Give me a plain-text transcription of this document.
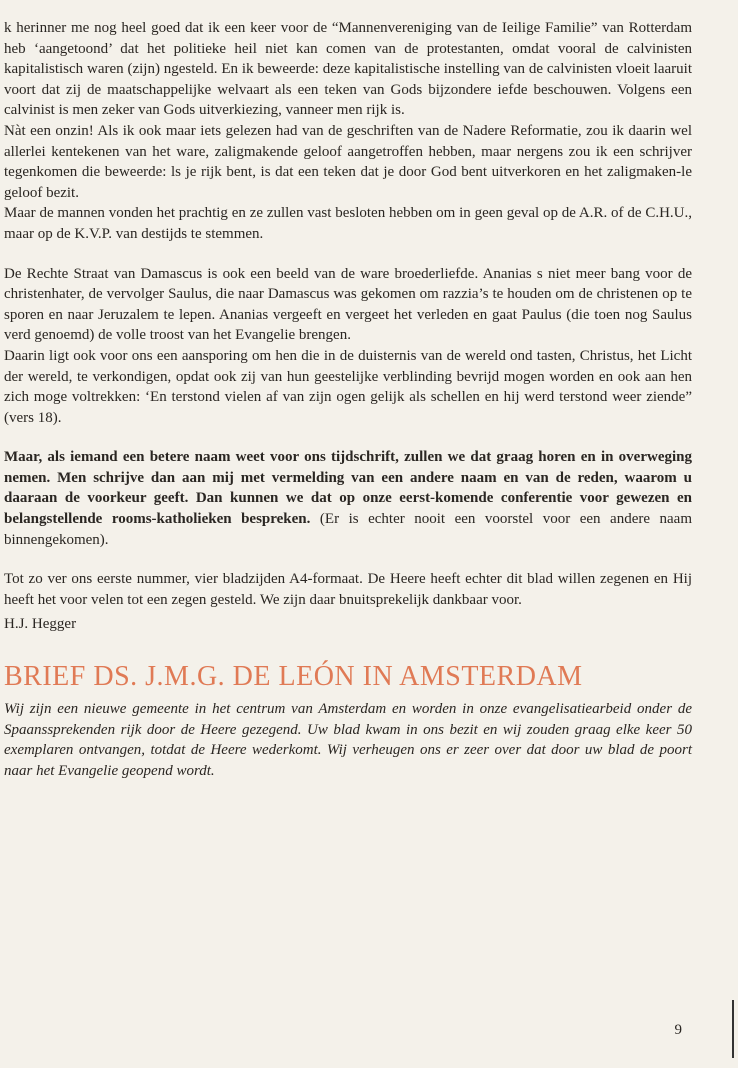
k herinner me nog heel goed dat ik een keer voor de “Mannenvereniging van de Ieilige Familie” van Rotterdam heb ‘aangetoond’ dat het politieke heil niet kan comen van de protestanten, omdat vooral de calvinisten kapitalistisch waren (zijn) ngesteld. En ik beweerde: deze kapitalistische instelling van de calvinisten vloeit laaruit voort dat zij de maatschappelijke welvaart als een teken van Gods bijzondere iefde beschouwen. Volgens een calvinist is men zeker van Gods uitverkiezing, vanneer men rijk is.

Nàt een onzin! Als ik ook maar iets gelezen had van de geschriften van de Nadere Reformatie, zou ik daarin wel allerlei kentekenen van het ware, zaligmakende geloof aangetroffen hebben, maar nergens zou ik een schrijver tegenkomen die beweerde: ls je rijk bent, is dat een teken dat je door God bent uitverkoren en het zaligmaken-le geloof bezit.

Maar de mannen vonden het prachtig en ze zullen vast besloten hebben om in geen geval op de A.R. of de C.H.U., maar op de K.V.P. van destijds te stemmen.

De Rechte Straat van Damascus is ook een beeld van de ware broederliefde. Ananias s niet meer bang voor de christenhater, de vervolger Saulus, die naar Damascus was gekomen om razzia’s te houden om de christenen op te sporen en naar Jeruzalem te lepen. Ananias vergeeft en vergeet het verleden en gaat Paulus (die toen nog Saulus verd genoemd) de volle troost van het Evangelie brengen.

Daarin ligt ook voor ons een aansporing om hen die in de duisternis van de wereld ond tasten, Christus, het Licht der wereld, te verkondigen, opdat ook zij van hun geestelijke verblinding bevrijd mogen worden en ook aan hen zich moge voltrekken: ‘En terstond vielen af van zijn ogen gelijk als schellen en hij werd terstond weer ziende” (vers 18).

Maar, als iemand een betere naam weet voor ons tijdschrift, zullen we dat graag horen en in overweging nemen. Men schrijve dan aan mij met vermelding van een andere naam en van de reden, waarom u daaraan de voorkeur geeft. Dan kunnen we dat op onze eerst-komende conferentie voor gewezen en belangstellende rooms-katholieken bespreken. (Er is echter nooit een voorstel voor een andere naam binnengekomen).

Tot zo ver ons eerste nummer, vier bladzijden A4-formaat. De Heere heeft echter dit blad willen zegenen en Hij heeft het voor velen tot een zegen gesteld. We zijn daar bnuitsprekelijk dankbaar voor.

H.J. Hegger

BRIEF DS. J.M.G. DE LEÓN IN AMSTERDAM

Wij zijn een nieuwe gemeente in het centrum van Amsterdam en worden in onze evangelisatiearbeid onder de Spaanssprekenden rijk door de Heere gezegend. Uw blad kwam in ons bezit en wij zouden graag elke keer 50 exemplaren ontvangen, totdat de Heere wederkomt. Wij verheugen ons er zeer over dat door uw blad de poort naar het Evangelie geopend wordt.

9
